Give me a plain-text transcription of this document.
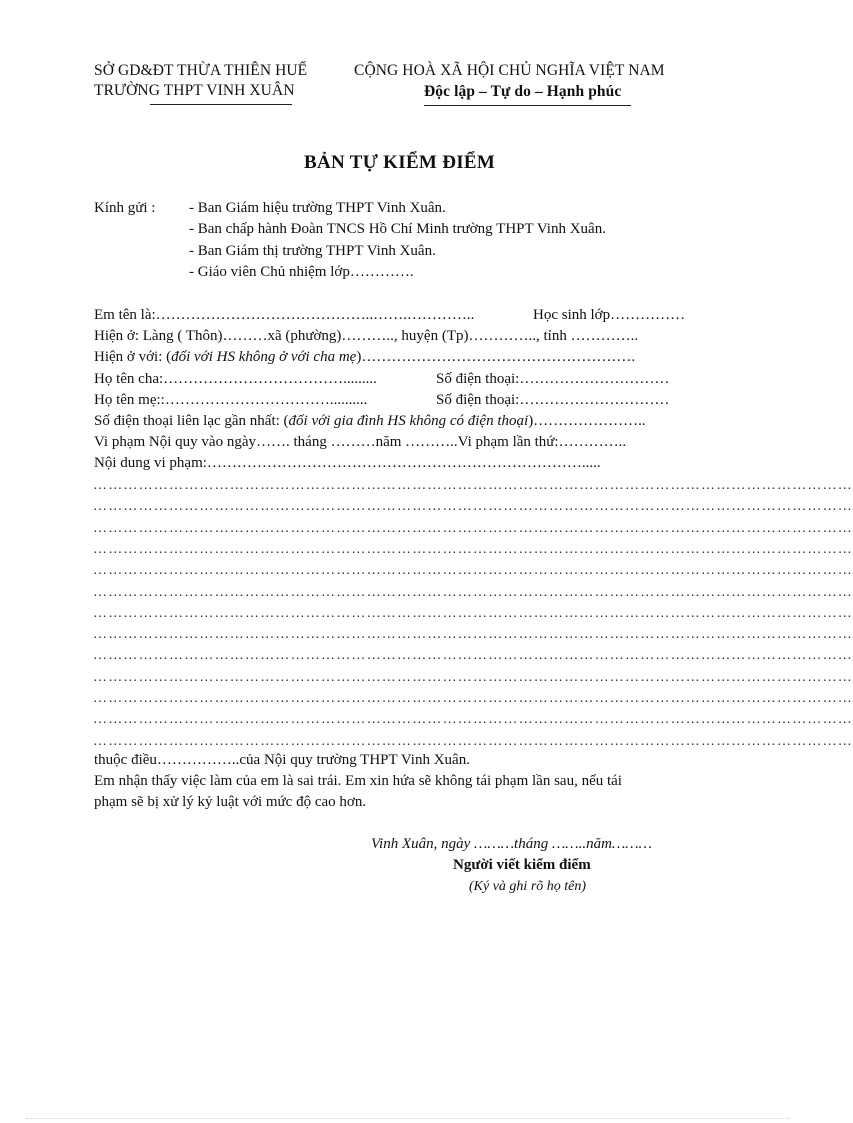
SỞ GD&ĐT THỪA THIÊN HUẾ
TRƯỜNG THPT VINH XUÂN
CỘNG HOÀ XÃ HỘI CHỦ NGHĨA VIỆT NAM
Độc lập – Tự do – Hạnh phúc
BẢN TỰ KIỂM ĐIỂM
Kính gửi : - Ban Giám hiệu trường THPT Vinh Xuân.
- Ban chấp hành Đoàn TNCS Hồ Chí Minh trường THPT Vinh Xuân.
- Ban Giám thị trường THPT Vinh Xuân.
- Giáo viên Chủ nhiệm lớp………….
Em tên là:……………………………………..…….…………..	Học sinh lớp……………
Hiện ở: Làng ( Thôn)………xã (phường)……….., huyện (Tp)………….., tỉnh …………..
Hiện ở với: (đối với HS không ở với cha mẹ)……………………………………………….
Họ tên cha:……………………………….........	Số điện thoại:…………………………
Họ tên mẹ::……………………………..........	Số điện thoại:…………………………
Số điện thoại liên lạc gần nhất: (đối với gia đình HS không có điện thoại)…………………..
Vi phạm Nội quy vào ngày……. tháng ………năm ………..Vi phạm lần thứ:…………..
Nội dung vi phạm:………………………………………………………………….....
……………………………………………………………………………………………………………………………………
……………………………………………………………………………………………………………………………………
……………………………………………………………………………………………………………………………………
……………………………………………………………………………………………………………………………………
……………………………………………………………………………………………………………………………………
……………………………………………………………………………………………………………………………………
……………………………………………………………………………………………………………………………………
……………………………………………………………………………………………………………………………………
……………………………………………………………………………………………………………………………………
……………………………………………………………………………………………………………………………………
……………………………………………………………………………………………………………………………………
……………………………………………………………………………………………………………………………………
……………………………………………………………………………………………………………………………………
thuộc điều……………..của Nội quy trường THPT Vinh Xuân.
Em nhận thấy việc làm của em là sai trái. Em xin hứa sẽ không tái phạm lần sau, nếu tái
phạm sẽ bị xử lý kỷ luật với mức độ cao hơn.
Vinh Xuân, ngày ………tháng ……..năm………
Người viết kiểm điểm
(Ký và ghi rõ họ tên)
